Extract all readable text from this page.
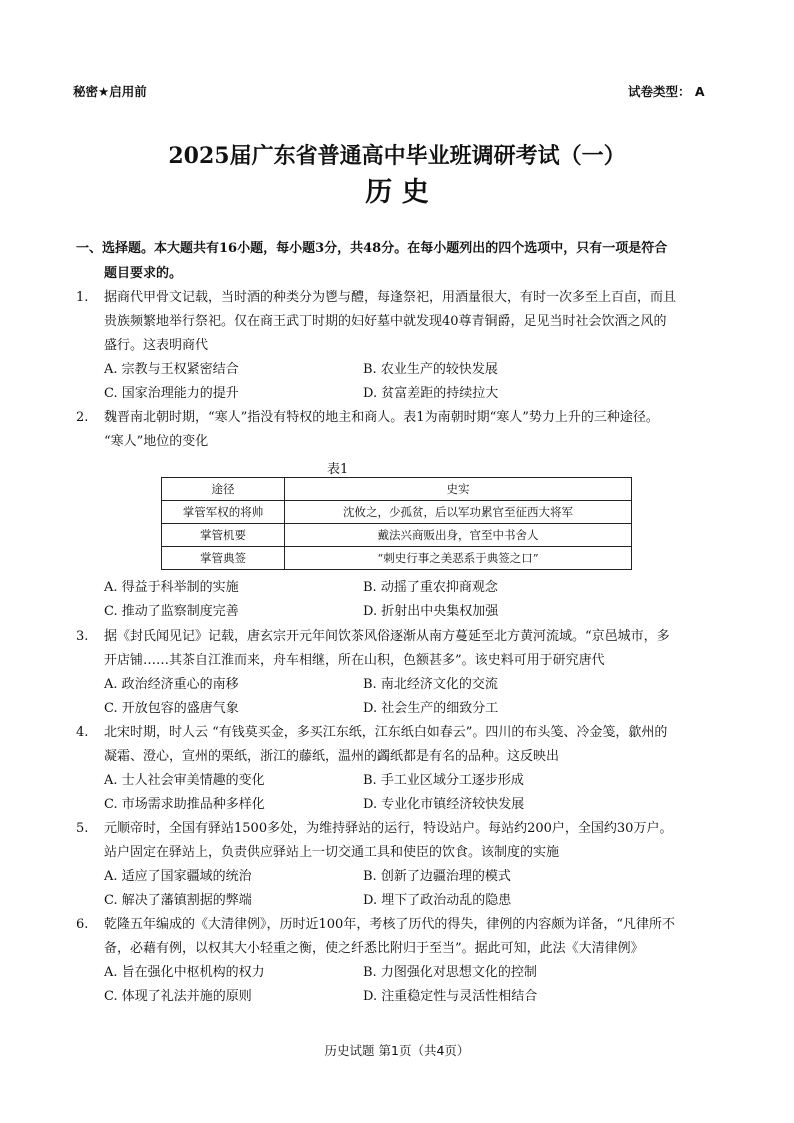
秘密★启用前	试卷类型： A
2025届广东省普通高中毕业班调研考试（一）
历 史
一、选择题。本大题共有16小题，每小题3分，共48分。在每小题列出的四个选项中，只有一项是符合
题目要求的。
1. 据商代甲骨文记载，当时酒的种类分为鬯与醴，每逢祭祀，用酒量很大，有时一次多至上百卣，而且
贵族频繁地举行祭祀。仅在商王武丁时期的妇好墓中就发现40尊青铜爵，足见当时社会饮酒之风的
盛行。这表明商代
A. 宗教与王权紧密结合	B. 农业生产的较快发展
C. 国家治理能力的提升	D. 贫富差距的持续拉大
2. 魏晋南北朝时期，“寒人”指没有特权的地主和商人。表1为南朝时期“寒人”势力上升的三种途径。
“寒人”地位的变化
表1
途径	史实
掌管军权的将帅	沈攸之，少孤贫，后以军功累官至征西大将军
掌管机要	戴法兴商贩出身，官至中书舍人
掌管典签	“刺史行事之美恶系于典签之口”
A. 得益于科举制的实施	B. 动摇了重农抑商观念
C. 推动了监察制度完善	D. 折射出中央集权加强
3. 据《封氏闻见记》记载，唐玄宗开元年间饮茶风俗逐渐从南方蔓延至北方黄河流域。“京邑城市，多
开店铺……其茶自江淮而来，舟车相继，所在山积，色额甚多”。该史料可用于研究唐代
A. 政治经济重心的南移	B. 南北经济文化的交流
C. 开放包容的盛唐气象	D. 社会生产的细致分工
4. 北宋时期，时人云 “有钱莫买金，多买江东纸，江东纸白如春云”。四川的布头笺、冷金笺，歙州的
凝霜、澄心，宣州的栗纸，浙江的藤纸，温州的蠲纸都是有名的品种。这反映出
A. 士人社会审美情趣的变化	B. 手工业区域分工逐步形成
C. 市场需求助推品种多样化	D. 专业化市镇经济较快发展
5. 元顺帝时，全国有驿站1500多处，为维持驿站的运行，特设站户。每站约200户，全国约30万户。
站户固定在驿站上，负责供应驿站上一切交通工具和使臣的饮食。该制度的实施
A. 适应了国家疆域的统治	B. 创新了边疆治理的模式
C. 解决了藩镇割据的弊端	D. 埋下了政治动乱的隐患
6. 乾隆五年编成的《大清律例》，历时近100年，考核了历代的得失，律例的内容颇为详备，“凡律所不
备，必藉有例，以权其大小轻重之衡，使之纤悉比附归于至当”。据此可知，此法《大清律例》
A. 旨在强化中枢机构的权力	B. 力图强化对思想文化的控制
C. 体现了礼法并施的原则	D. 注重稳定性与灵活性相结合
历史试题 第1页（共4页）
